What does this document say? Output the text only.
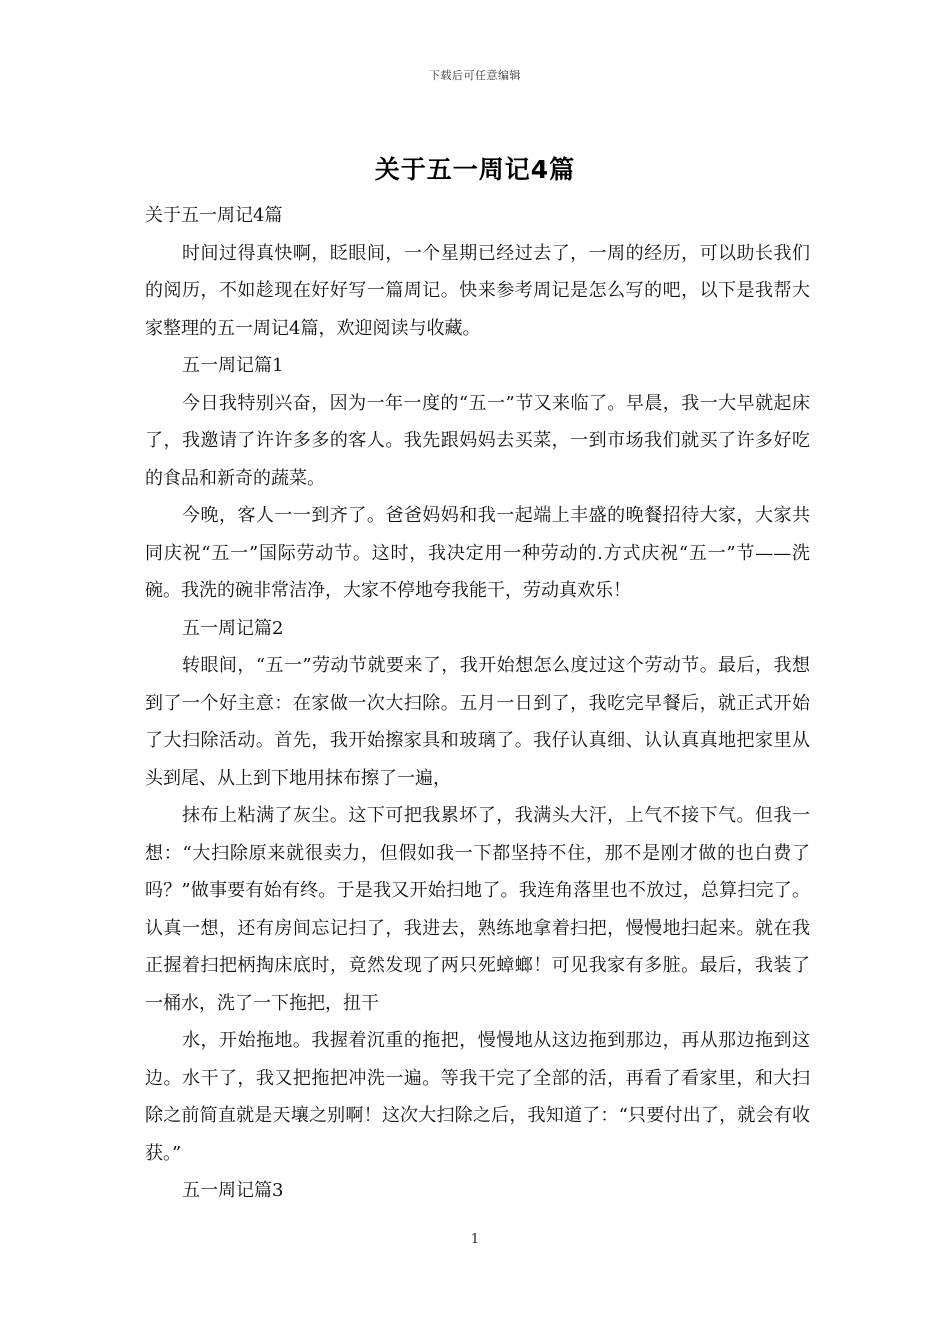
下载后可任意编辑
关于五一周记4篇

关于五一周记4篇

时间过得真快啊，眨眼间，一个星期已经过去了，一周的经历，可以助长我们的阅历，不如趁现在好好写一篇周记。快来参考周记是怎么写的吧，以下是我帮大家整理的五一周记4篇，欢迎阅读与收藏。

五一周记篇1

今日我特别兴奋，因为一年一度的“五一”节又来临了。早晨，我一大早就起床了，我邀请了许许多多的客人。我先跟妈妈去买菜，一到市场我们就买了许多好吃的食品和新奇的蔬菜。

今晚，客人一一到齐了。爸爸妈妈和我一起端上丰盛的晚餐招待大家，大家共同庆祝“五一”国际劳动节。这时，我决定用一种劳动的.方式庆祝“五一”节——洗碗。我洗的碗非常洁净，大家不停地夸我能干，劳动真欢乐！

五一周记篇2

转眼间，“五一”劳动节就要来了，我开始想怎么度过这个劳动节。最后，我想到了一个好主意：在家做一次大扫除。五月一日到了，我吃完早餐后，就正式开始了大扫除活动。首先，我开始擦家具和玻璃了。我仔认真细、认认真真地把家里从头到尾、从上到下地用抹布擦了一遍，

抹布上粘满了灰尘。这下可把我累坏了，我满头大汗，上气不接下气。但我一想：“大扫除原来就很卖力，但假如我一下都坚持不住，那不是刚才做的也白费了吗？”做事要有始有终。于是我又开始扫地了。我连角落里也不放过，总算扫完了。认真一想，还有房间忘记扫了，我进去，熟练地拿着扫把，慢慢地扫起来。就在我正握着扫把柄掏床底时，竟然发现了两只死蟑螂！可见我家有多脏。最后，我装了一桶水，洗了一下拖把，扭干

水，开始拖地。我握着沉重的拖把，慢慢地从这边拖到那边，再从那边拖到这边。水干了，我又把拖把冲洗一遍。等我干完了全部的活，再看了看家里，和大扫除之前简直就是天壤之别啊！这次大扫除之后，我知道了：“只要付出了，就会有收获。”

五一周记篇3

1
